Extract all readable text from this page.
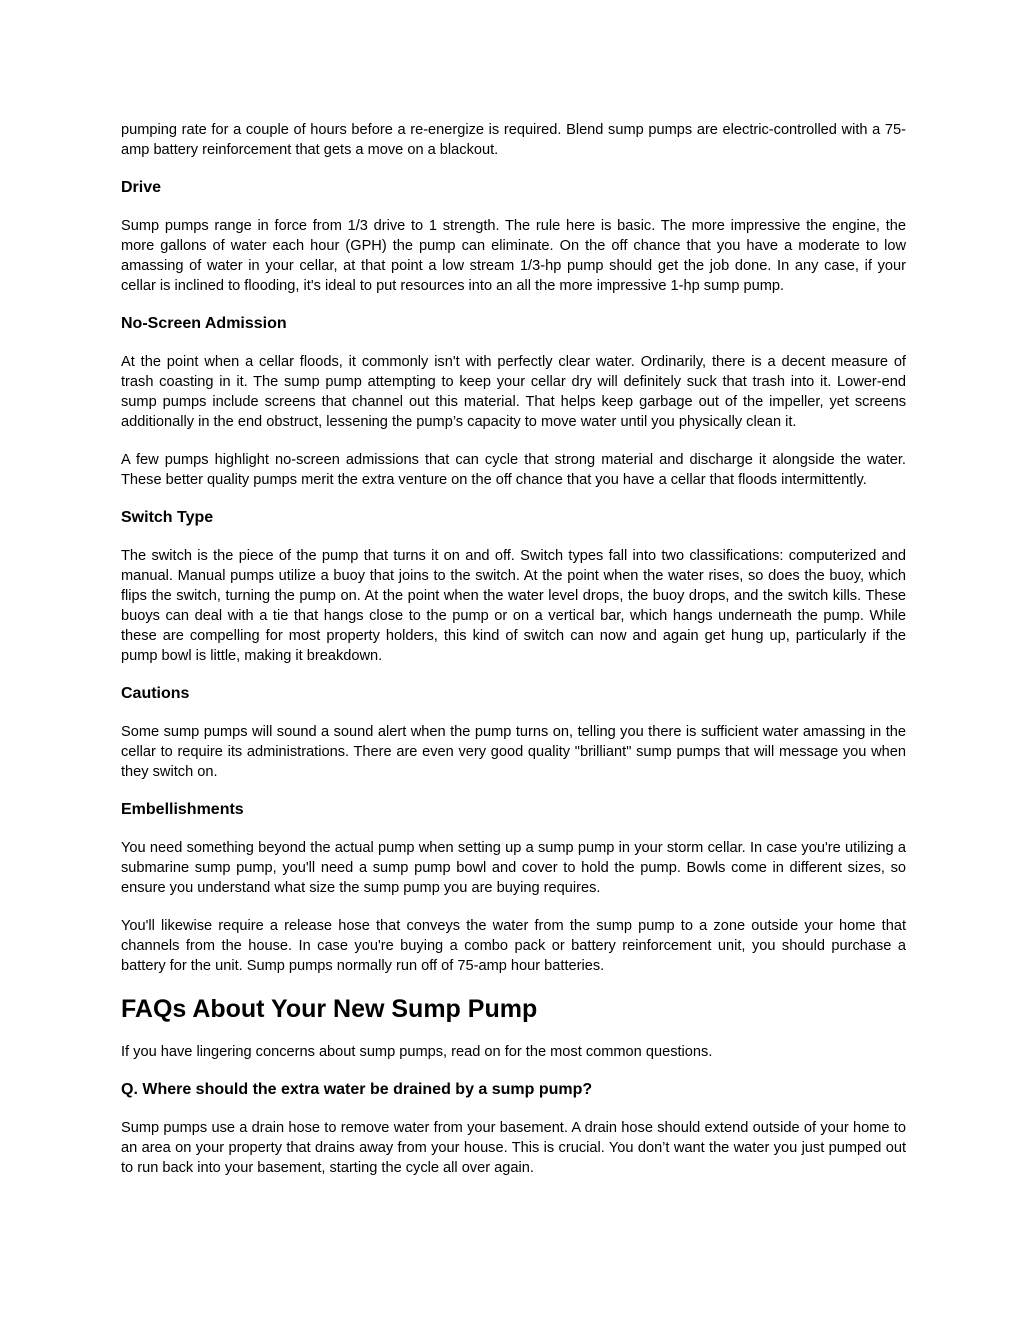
pumping rate for a couple of hours before a re-energize is required. Blend sump pumps are electric-controlled with a 75-amp battery reinforcement that gets a move on a blackout.

Drive

Sump pumps range in force from 1/3 drive to 1 strength. The rule here is basic. The more impressive the engine, the more gallons of water each hour (GPH) the pump can eliminate. On the off chance that you have a moderate to low amassing of water in your cellar, at that point a low stream 1/3-hp pump should get the job done. In any case, if your cellar is inclined to flooding, it's ideal to put resources into an all the more impressive 1-hp sump pump.

No-Screen Admission

At the point when a cellar floods, it commonly isn't with perfectly clear water. Ordinarily, there is a decent measure of trash coasting in it. The sump pump attempting to keep your cellar dry will definitely suck that trash into it. Lower-end sump pumps include screens that channel out this material. That helps keep garbage out of the impeller, yet screens additionally in the end obstruct, lessening the pump’s capacity to move water until you physically clean it.

A few pumps highlight no-screen admissions that can cycle that strong material and discharge it alongside the water. These better quality pumps merit the extra venture on the off chance that you have a cellar that floods intermittently.

Switch Type

The switch is the piece of the pump that turns it on and off. Switch types fall into two classifications: computerized and manual. Manual pumps utilize a buoy that joins to the switch. At the point when the water rises, so does the buoy, which flips the switch, turning the pump on. At the point when the water level drops, the buoy drops, and the switch kills. These buoys can deal with a tie that hangs close to the pump or on a vertical bar, which hangs underneath the pump. While these are compelling for most property holders, this kind of switch can now and again get hung up, particularly if the pump bowl is little, making it breakdown.

Cautions

Some sump pumps will sound a sound alert when the pump turns on, telling you there is sufficient water amassing in the cellar to require its administrations. There are even very good quality "brilliant" sump pumps that will message you when they switch on.

Embellishments

You need something beyond the actual pump when setting up a sump pump in your storm cellar. In case you're utilizing a submarine sump pump, you'll need a sump pump bowl and cover to hold the pump. Bowls come in different sizes, so ensure you understand what size the sump pump you are buying requires.

You'll likewise require a release hose that conveys the water from the sump pump to a zone outside your home that channels from the house. In case you're buying a combo pack or battery reinforcement unit, you should purchase a battery for the unit. Sump pumps normally run off of 75-amp hour batteries.

FAQs About Your New Sump Pump

If you have lingering concerns about sump pumps, read on for the most common questions.

Q. Where should the extra water be drained by a sump pump?

Sump pumps use a drain hose to remove water from your basement. A drain hose should extend outside of your home to an area on your property that drains away from your house. This is crucial. You don’t want the water you just pumped out to run back into your basement, starting the cycle all over again.
